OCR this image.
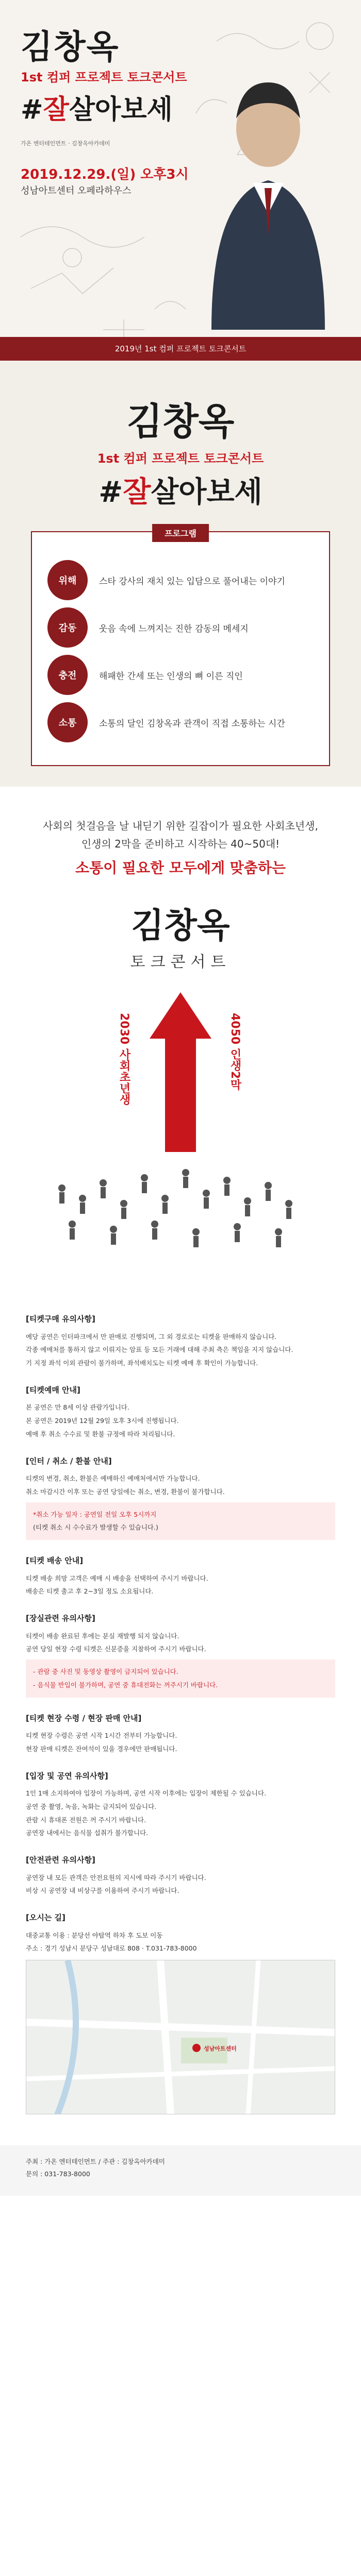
김창옥
1st 컴퍼 프로젝트 토크콘서트
#잘살아보세
가온 엔터테인먼트 · 김창옥아카데미
2019.12.29.(일) 오후3시
성남아트센터 오페라하우스
2019년 1st 컴퍼 프로젝트 토크콘서트
김창옥
1st 컴퍼 프로젝트 토크콘서트
#잘살아보세
프로그램
위해	스타 강사의 재치 있는 입담으로 풀어내는 이야기
감동	웃음 속에 느껴지는 진한 감동의 메세지
충전	해패한 간세 또는 인생의 뼈 이른 직인
소통	소통의 달인 김창옥과 관객이 직접 소통하는 시간
사회의 첫걸음을 날 내딛기 위한 길잡이가 필요한 사회초년생,
인생의 2막을 준비하고 시작하는 40~50대!
소통이 필요한 모두에게 맞춤하는
김창옥
토크콘서트
2030 사회초년생
4050 인생2막
[티켓구매 유의사항]

예당 공연은 인터파크에서 만 판매로 진행되며, 그 외 경로로는 티켓을 판매하지 않습니다.

각종 예매처를 통하지 않고 이뤄지는 암표 등 모든 거래에 대해 주최 측은 책임을 지지 않습니다.

기 지정 좌석 이외 관람이 불가하며, 좌석배치도는 티켓 예매 후 확인이 가능합니다.

[티켓예매 안내]

본 공연은 만 8세 이상 관람가입니다.

본 공연은 2019년 12월 29일 오후 3시에 진행됩니다.

예매 후 취소 수수료 및 환불 규정에 따라 처리됩니다.

[인터 / 취소 / 환불 안내]

티켓의 변경, 취소, 환불은 예매하신 예매처에서만 가능합니다.

취소 마감시간 이후 또는 공연 당일에는 취소, 변경, 환불이 불가합니다.

*취소 가능 일자 : 공연일 전일 오후 5시까지

(티켓 취소 시 수수료가 발생할 수 있습니다.)

[티켓 배송 안내]

티켓 배송 희망 고객은 예매 시 배송을 선택하여 주시기 바랍니다.

배송은 티켓 출고 후 2~3일 정도 소요됩니다.

[장실관련 유의사항]

티켓이 배송 완료된 후에는 분실 재발행 되지 않습니다.

공연 당일 현장 수령 티켓은 신분증을 지참하여 주시기 바랍니다.

- 관람 중 사진 및 동영상 촬영이 금지되어 있습니다.

- 음식물 반입이 불가하며, 공연 중 휴대전화는 꺼주시기 바랍니다.

[티켓 현장 수령 / 현장 판매 안내]

티켓 현장 수령은 공연 시작 1시간 전부터 가능합니다.

현장 판매 티켓은 잔여석이 있을 경우에만 판매됩니다.

[입장 및 공연 유의사항]

1인 1매 소지하여야 입장이 가능하며, 공연 시작 이후에는 입장이 제한될 수 있습니다.

공연 중 촬영, 녹음, 녹화는 금지되어 있습니다.

관람 시 휴대폰 전원은 꺼 주시기 바랍니다.

공연장 내에서는 음식물 섭취가 불가합니다.

[안전관련 유의사항]

공연장 내 모든 관객은 안전요원의 지시에 따라 주시기 바랍니다.

비상 시 공연장 내 비상구를 이용하여 주시기 바랍니다.

[오시는 길]

대중교통 이용 : 분당선 야탑역 하차 후 도보 이동

주소 : 경기 성남시 분당구 성남대로 808 · T.031-783-8000

성남아트센터

주최 : 가온 엔터테인먼트 / 주관 : 김창옥아카데미

문의 : 031-783-8000
